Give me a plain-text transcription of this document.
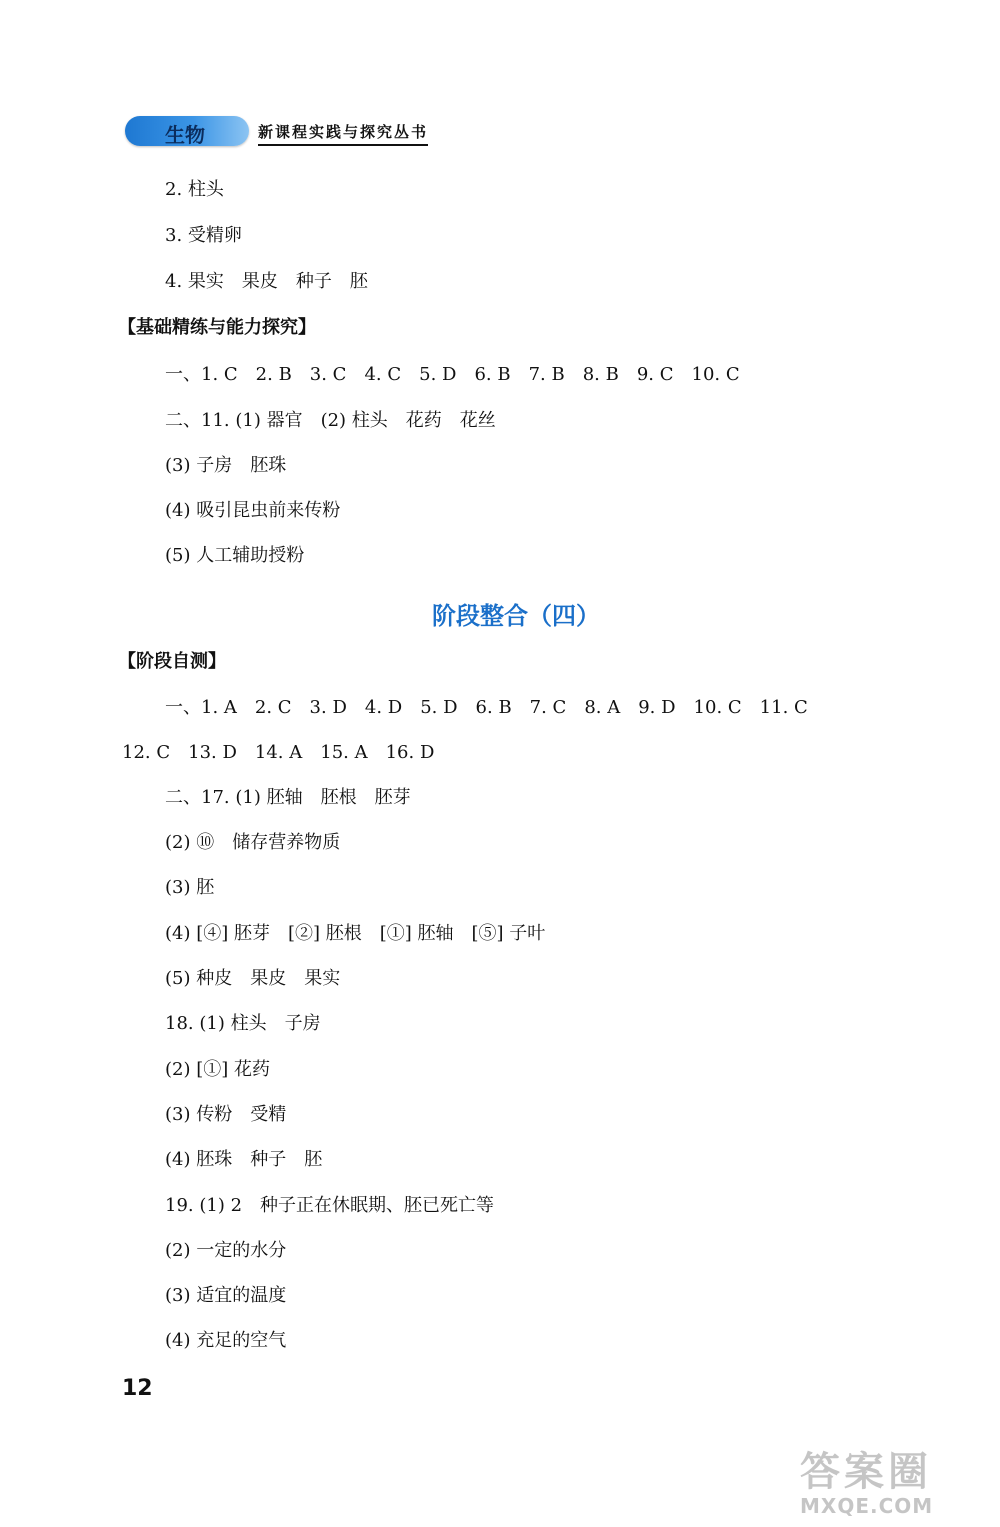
生物	新课程实践与探究丛书
2. 柱头
3. 受精卵
4. 果实　果皮　种子　胚
【基础精练与能力探究】
一、1. C　2. B　3. C　4. C　5. D　6. B　7. B　8. B　9. C　10. C
二、11. (1) 器官　(2) 柱头　花药　花丝
(3) 子房　胚珠
(4) 吸引昆虫前来传粉
(5) 人工辅助授粉
阶段整合（四）
【阶段自测】
一、1. A　2. C　3. D　4. D　5. D　6. B　7. C　8. A　9. D　10. C　11. C
12. C　13. D　14. A　15. A　16. D
二、17. (1) 胚轴　胚根　胚芽
(2) ⑩　储存营养物质
(3) 胚
(4) [④] 胚芽　[②] 胚根　[①] 胚轴　[⑤] 子叶
(5) 种皮　果皮　果实
18. (1) 柱头　子房
(2) [①] 花药
(3) 传粉　受精
(4) 胚珠　种子　胚
19. (1) 2　种子正在休眠期、胚已死亡等
(2) 一定的水分
(3) 适宜的温度
(4) 充足的空气
12
答案圈
MXQE.COM
